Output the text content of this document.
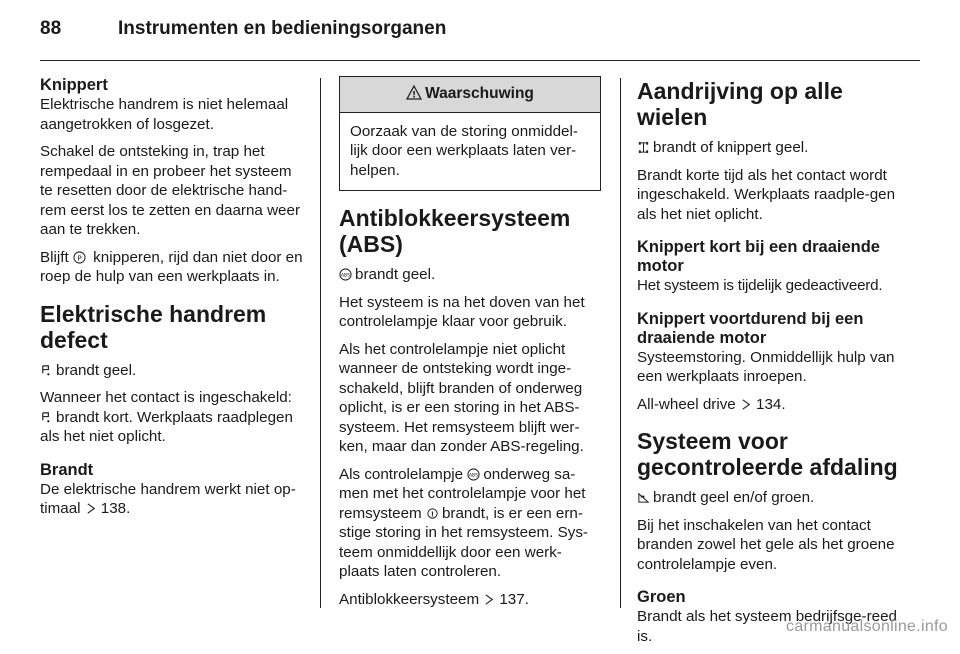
88	Instrumenten en bedieningsorganen
Knippert

Elektrische handrem is niet helemaal aangetrokken of losgezet.

Schakel de ontsteking in, trap het rempedaal in en probeer het systeem te resetten door de elektrische hand-rem eerst los te zetten en daarna weer aan te trekken.

Blijft P knipperen, rijd dan niet door en roep de hulp van een werkplaats in.

Elektrische handrem defect

brandt geel.

Wanneer het contact is ingeschakeld:
brandt kort. Werkplaats raadplegen als het niet oplicht.

Brandt

De elektrische handrem werkt niet op-timaal 138.

! Waarschuwing
Oorzaak van de storing onmiddel-lijk door een werkplaats laten ver-helpen.
Antiblokkeersysteem (ABS)

ABS brandt geel.

Het systeem is na het doven van het controlelampje klaar voor gebruik.

Als het controlelampje niet oplicht wanneer de ontsteking wordt inge-schakeld, blijft branden of onderweg oplicht, is er een storing in het ABS-systeem. Het remsysteem blijft wer-ken, maar dan zonder ABS-regeling.

Als controlelampje ABS onderweg sa-men met het controlelampje voor het remsysteem ! brandt, is er een ern-stige storing in het remsysteem. Sys-teem onmiddellijk door een werk-plaats laten controleren.

Antiblokkeersysteem 137.

Aandrijving op alle wielen

brandt of knippert geel.

Brandt korte tijd als het contact wordt ingeschakeld. Werkplaats raadple-gen als het niet oplicht.

Knippert kort bij een draaiende motor

Het systeem is tijdelijk gedeactiveerd.

Knippert voortdurend bij een draaiende motor

Systeemstoring. Onmiddellijk hulp van een werkplaats inroepen.

All-wheel drive 134.

Systeem voor gecontroleerde afdaling

brandt geel en/of groen.

Bij het inschakelen van het contact branden zowel het gele als het groene controlelampje even.

Groen

Brandt als het systeem bedrijfsge-reed is.

carmanualsonline.info
